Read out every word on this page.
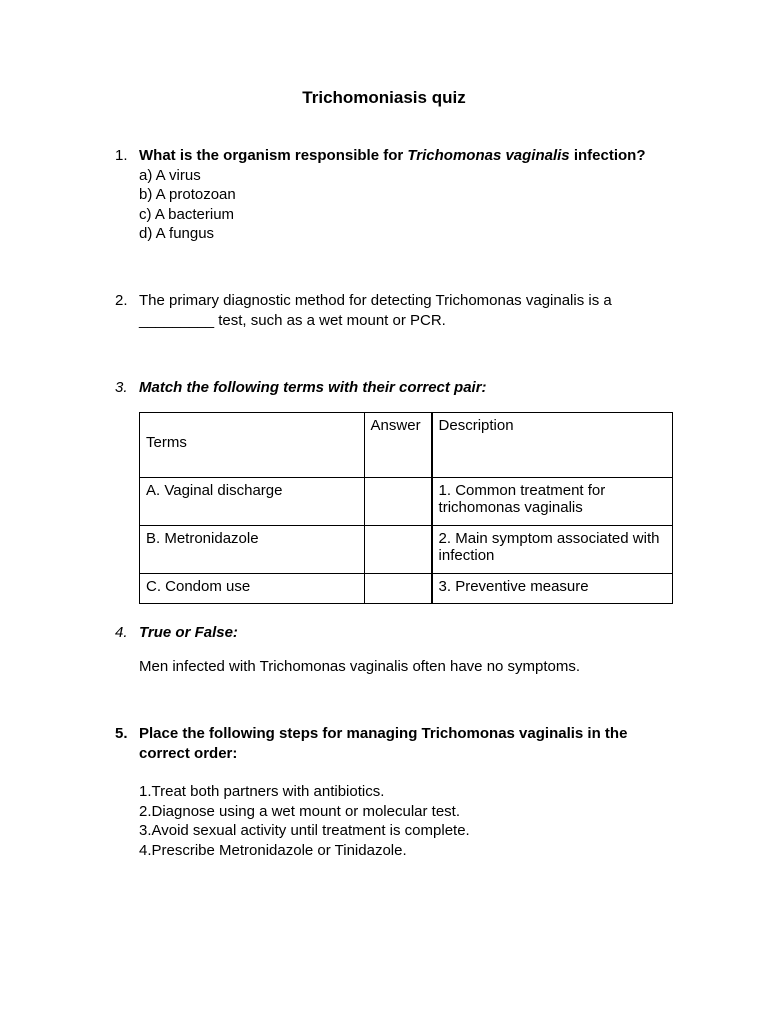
Trichomoniasis quiz
1. What is the organism responsible for Trichomonas vaginalis infection?
a) A virus
b) A protozoan
c) A bacterium
d) A fungus
2. The primary diagnostic method for detecting Trichomonas vaginalis is a
_________ test, such as a wet mount or PCR.
3. Match the following terms with their correct pair:
Terms	Answer	Description
A. Vaginal discharge		1. Common treatment for trichomonas vaginalis
B. Metronidazole		2. Main symptom associated with infection
C. Condom use		3. Preventive measure
4. True or False:
Men infected with Trichomonas vaginalis often have no symptoms.
5. Place the following steps for managing Trichomonas vaginalis in the correct order:
1.Treat both partners with antibiotics.
2.Diagnose using a wet mount or molecular test.
3.Avoid sexual activity until treatment is complete.
4.Prescribe Metronidazole or Tinidazole.
